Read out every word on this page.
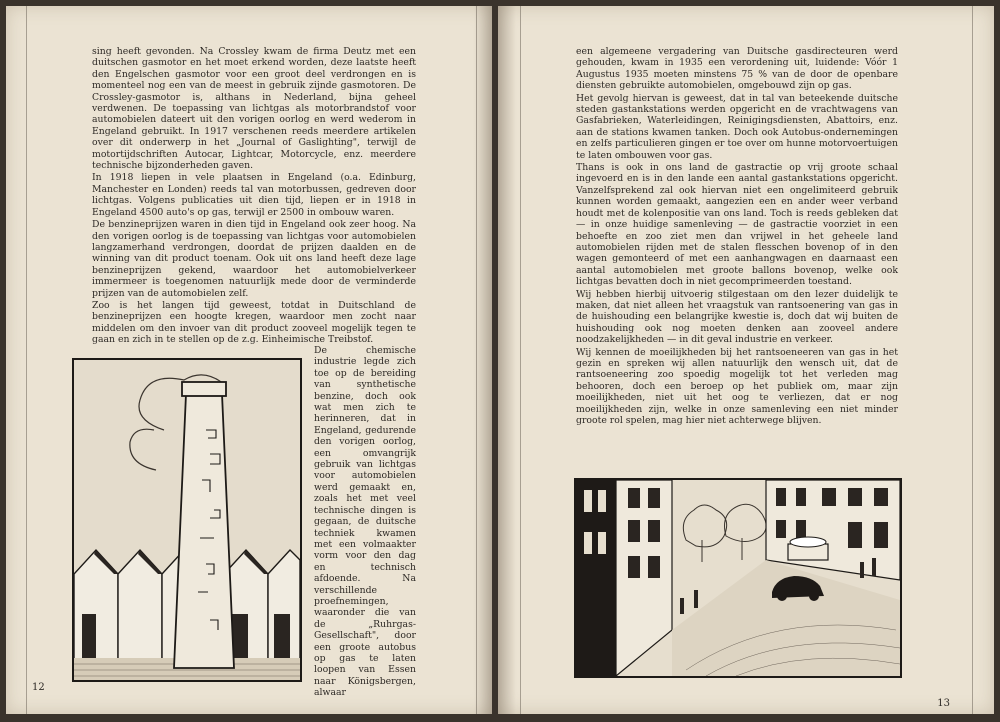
sing heeft gevonden. Na Crossley kwam de firma Deutz met een duitschen gasmotor en het moet erkend worden, deze laatste heeft den Engelschen gasmotor voor een groot deel verdrongen en is momenteel nog een van de meest in gebruik zijnde gasmotoren. De Crossley-gasmotor is, althans in Nederland, bijna geheel verdwenen. De toepassing van lichtgas als motorbrandstof voor automobielen dateert uit den vorigen oorlog en werd wederom in Engeland gebruikt. In 1917 verschenen reeds meerdere artikelen over dit onderwerp in het „Journal of Gaslighting", terwijl de motortijdschriften Autocar, Lightcar, Motorcycle, enz. meerdere technische bijzonderheden gaven.

In 1918 liepen in vele plaatsen in Engeland (o.a. Edinburg, Manchester en Londen) reeds tal van motorbussen, gedreven door lichtgas. Volgens publicaties uit dien tijd, liepen er in 1918 in Engeland 4500 auto's op gas, terwijl er 2500 in ombouw waren.

De benzineprijzen waren in dien tijd in Engeland ook zeer hoog. Na den vorigen oorlog is de toepassing van lichtgas voor automobielen langzamerhand verdrongen, doordat de prijzen daalden en de winning van dit product toenam. Ook uit ons land heeft deze lage benzineprijzen gekend, waardoor het automobielverkeer immermeer is toegenomen natuurlijk mede door de verminderde prijzen van de automobielen zelf.

Zoo is het langen tijd geweest, totdat in Duitschland de benzineprijzen een hoogte kregen, waardoor men zocht naar middelen om den invoer van dit product zooveel mogelijk tegen te gaan en zich in te stellen op de z.g. Einheimische Treibstof.

De chemische industrie legde zich toe op de bereiding van synthetische benzine, doch ook wat men zich te herinneren, dat in Engeland, gedurende den vorigen oorlog, een omvangrijk gebruik van lichtgas voor automobielen werd gemaakt en, zoals het met veel technische dingen is gegaan, de duitsche techniek kwamen met een volmaakter vorm voor den dag en technisch afdoende. Na verschillende proefnemingen, waaronder die van de „Ruhrgas-Gesellschaft", door een groote autobus op gas te laten loopen van Essen naar Königsbergen, alwaar
12

een algemeene vergadering van Duitsche gasdirecteuren werd gehouden, kwam in 1935 een verordening uit, luidende: Vóór 1 Augustus 1935 moeten minstens 75 % van de door de openbare diensten gebruikte automobielen, omgebouwd zijn op gas.

Het gevolg hiervan is geweest, dat in tal van beteekende duitsche steden gastankstations werden opgericht en de vrachtwagens van Gasfabrieken, Waterleidingen, Reinigingsdiensten, Abattoirs, enz. aan de stations kwamen tanken. Doch ook Autobus-ondernemingen en zelfs particulieren gingen er toe over om hunne motorvoertuigen te laten ombouwen voor gas.

Thans is ook in ons land de gastractie op vrij groote schaal ingevoerd en is in den lande een aantal gastankstations opgericht. Vanzelfsprekend zal ook hiervan niet een ongelimiteerd gebruik kunnen worden gemaakt, aangezien een en ander weer verband houdt met de kolenpositie van ons land. Toch is reeds gebleken dat — in onze huidige samenleving — de gastractie voorziet in een behoefte en zoo ziet men dan vrijwel in het geheele land automobielen rijden met de stalen flesschen bovenop of in den wagen gemonteerd of met een aanhangwagen en daarnaast een aantal automobielen met groote ballons bovenop, welke ook lichtgas bevatten doch in niet gecomprimeerden toestand.

Wij hebben hierbij uitvoerig stilgestaan om den lezer duidelijk te maken, dat niet alleen het vraagstuk van rantsoenering van gas in de huishouding een belangrijke kwestie is, doch dat wij buiten de huishouding ook nog moeten denken aan zooveel andere noodzakelijkheden — in dit geval industrie en verkeer.

Wij kennen de moeilijkheden bij het rantsoeneeren van gas in het gezin en spreken wij allen natuurlijk den wensch uit, dat de rantsoeneering zoo spoedig mogelijk tot het verleden mag behooren, doch een beroep op het publiek om, maar zijn moeilijkheden, niet uit het oog te verliezen, dat er nog moeilijkheden zijn, welke in onze samenleving een niet minder groote rol spelen, mag hier niet achterwege blijven.

13
